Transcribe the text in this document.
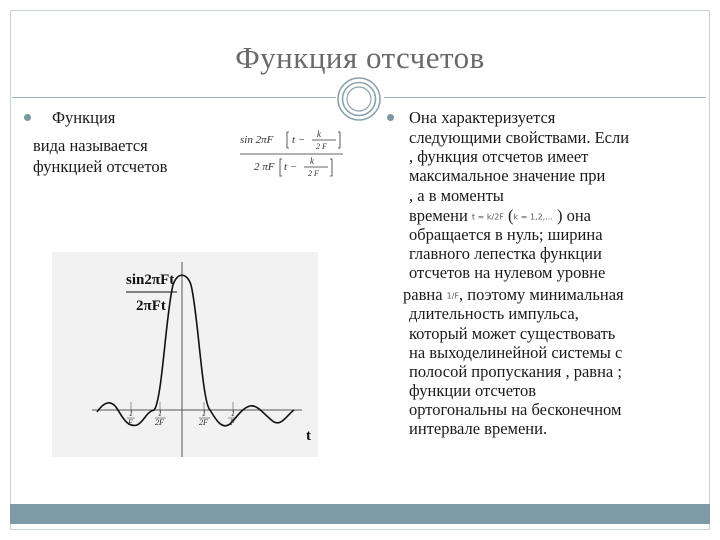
Функция отсчетов
Функция
вида называется
функцией отсчетов
sin 2πF t − k
2 F
2 πF t − k
2 F
sin2πFt
2πFt
1
F
1
2F
1
2F
1
F
t
Она характеризуется
следующими свойствами. Если
, функция отсчетов имеет
максимальное значение при
, а в моменты
времени t = k/2F (k = 1,2,... ) она
обращается в нуль; ширина
главного лепестка функции
отсчетов на нулевом уровне
равна 1/F, поэтому минимальная
длительность импульса,
который может существовать
на выходелинейной системы с
полосой пропускания , равна ;
функции отсчетов
ортогональны на бесконечном
интервале времени.
